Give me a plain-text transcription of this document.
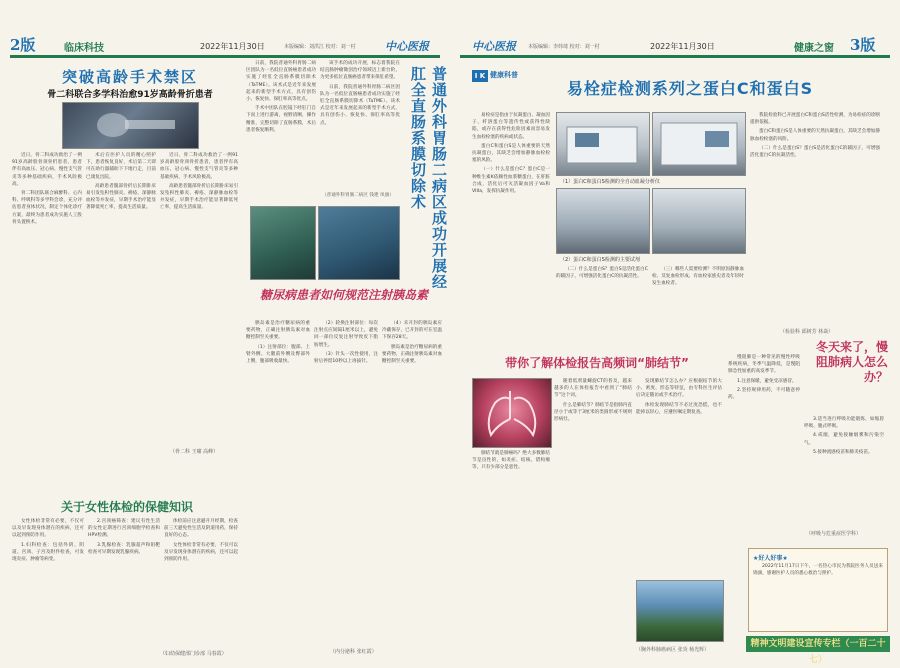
2版	临床科技	2022年11月30日	本版编辑：刘洪江 校对：刘一村	中心医报
突破高龄手术禁区
骨二科联合多学科治愈91岁高龄骨折患者

近日，骨二科成功救治了一例91岁高龄股骨颈骨折患者，患者伴有高血压、冠心病、慢性支气管炎等多种基础疾病，手术风险极高。

骨二科团队联合麻醉科、心内科、呼吸科等多学科会诊，充分评估患者身体状况，制定个体化诊疗方案，最终为患者成功实施人工股骨头置换术。

术后在医护人员的精心照护下，患者恢复良好，术后第二天即可在助行器辅助下下地行走，目前已康复出院。

高龄患者髋部骨折后长期卧床易引发坠积性肺炎、褥疮、深静脉血栓等并发症，早期手术治疗能显著降低死亡率，提高生活质量。

近日，骨二科成功救治了一例91岁高龄股骨颈骨折患者，患者伴有高血压、冠心病、慢性支气管炎等多种基础疾病，手术风险极高。

高龄患者髋部骨折后长期卧床易引发坠积性肺炎、褥疮、深静脉血栓等并发症，早期手术治疗能显著降低死亡率，提高生活质量。

（骨二科 王啸 高峰）

日前，我院普通外科胃肠二病区团队为一名低位直肠癌患者成功实施了经肛全直肠系膜切除术（TaTME）。该术式是近年来发展起来的新型手术方式，具有创伤小、恢复快、保肛率高等优点。

手术中团队在腔镜下经肛门自下而上进行游离，视野清晰，操作精准，完整切除了直肠系膜，术后患者恢复顺利。

该手术的成功开展，标志着我院在结直肠肿瘤微创治疗领域迈上新台阶，为更多低位直肠癌患者带来保肛希望。

日前，我院普通外科胃肠二病区团队为一名低位直肠癌患者成功实施了经肛全直肠系膜切除术（TaTME）。该术式是近年来发展起来的新型手术方式，具有创伤小、恢复快、保肛率高等优点。

（普通外科胃肠二病区 钱建 凤旗）	普通外科胃肠二病区成功开展经肛全直肠系膜切除术
糖尿病患者如何规范注射胰岛素

胰岛素是治疗糖尿病的重要药物，正确注射胰岛素对血糖控制至关重要。

（1）注射部位：腹部、上臂外侧、大腿前外侧及臀部外上侧，腹部吸收最快。

（2）轮换注射部位：每次注射点应间隔1厘米以上，避免同一部位反复注射导致皮下脂肪增生。

（3）针头一次性使用，注射后停留10秒以上再拔针。

（4）未开封的胰岛素应冷藏保存，已开封的可在室温下保存28天。

胰岛素是治疗糖尿病的重要药物，正确注射胰岛素对血糖控制至关重要。

（内分泌科 张红霞）
关于女性体检的保健知识

女性体检非常有必要，不仅可以及早发现身体潜在的疾病，还可以起到预防作用。

1.妇科检查：包括外阴、阴道、宫颈、子宫及附件检查，可发现炎症、肿瘤等病变。

2.宫颈癌筛查：建议有性生活的女性定期进行宫颈细胞学检查和HPV检测。

3.乳腺检查：乳腺超声和钼靶检查可早期发现乳腺疾病。

体检前应注意避开月经期，检查前三天避免性生活及阴道用药，保持良好的心态。

女性体检非常有必要，不仅可以及早发现身体潜在的疾病，还可以起到预防作用。

（妇幼保健部门诊部 马春霞）
中心医报 本版编辑：李炜琦 校对：刘一村	2022年11月30日	健康之窗 3版
I K 健康科普
易栓症检测系列之蛋白C和蛋白S

易栓症是指由于抗凝蛋白、凝血因子、纤溶蛋白等遗传性或获得性缺陷，或存在获得性危险因素而容易发生血栓栓塞的疾病或状态。

蛋白C和蛋白S是人体重要的天然抗凝蛋白，其缺乏会增加静脉血栓栓塞的风险。

（一）什么是蛋白C？蛋白C是一种维生素K依赖性血浆糖蛋白，在肝脏合成，活化后可灭活凝血因子Va和VIIIa，发挥抗凝作用。

（1）蛋白C和蛋白S检测的全自动血凝分析仪
（2）蛋白C和蛋白S检测的主要试剂

（二）什么是蛋白S？蛋白S是活化蛋白C的辅因子，可增强活化蛋白C的抗凝活性。

（三）哪些人需要检测？不明原因静脉血栓、反复血栓形成、有血栓家族史者及年轻时发生血栓者。

我院检验科已开展蛋白C和蛋白S活性检测，为易栓症的诊断提供依据。

蛋白C和蛋白S是人体重要的天然抗凝蛋白，其缺乏会增加静脉血栓栓塞的风险。

（二）什么是蛋白S？蛋白S是活化蛋白C的辅因子，可增强活化蛋白C的抗凝活性。

（检验科 邱树芳 林焱）
带你了解体检报告高频词“肺结节”

随着低剂量螺旋CT的普及，越来越多的人在体检报告中看到了“肺结节”这个词。

什么是肺结节？肺结节是指肺内直径小于或等于3厘米的类圆形或不规则形病灶。

肺结节就是肺癌吗？绝大多数肺结节是良性的，如炎症、结核、错构瘤等，只有少部分是恶性。

发现肺结节怎么办？应根据结节的大小、密度、形态等特征，由专科医生评估后决定随访或手术治疗。

体检发现肺结节不必过度恐慌，也不能掉以轻心，应遵医嘱定期复查。

（胸外科肺癌病区 张炎 杨光辉）

慢阻肺是一种常见的慢性呼吸系统疾病，冬季气温降低，是慢阻肺急性加重的高发季节。

1.注意保暖，避免受凉感冒。

2.坚持规律用药，不可随意停药。

3.适当进行呼吸功能锻炼，如缩唇呼吸、腹式呼吸。

4.戒烟，避免接触烟雾和污染空气。

5.接种流感疫苗和肺炎疫苗。

冬天来了，慢阻肺病人怎么办？
（呼吸与危重症医学科）
★好人好事★

2022年11月17日下午，一名热心市民为我院医务人员送来锦旗，感谢医护人员的悉心救治与照护。

精神文明建设宣传专栏（一百二十七）
